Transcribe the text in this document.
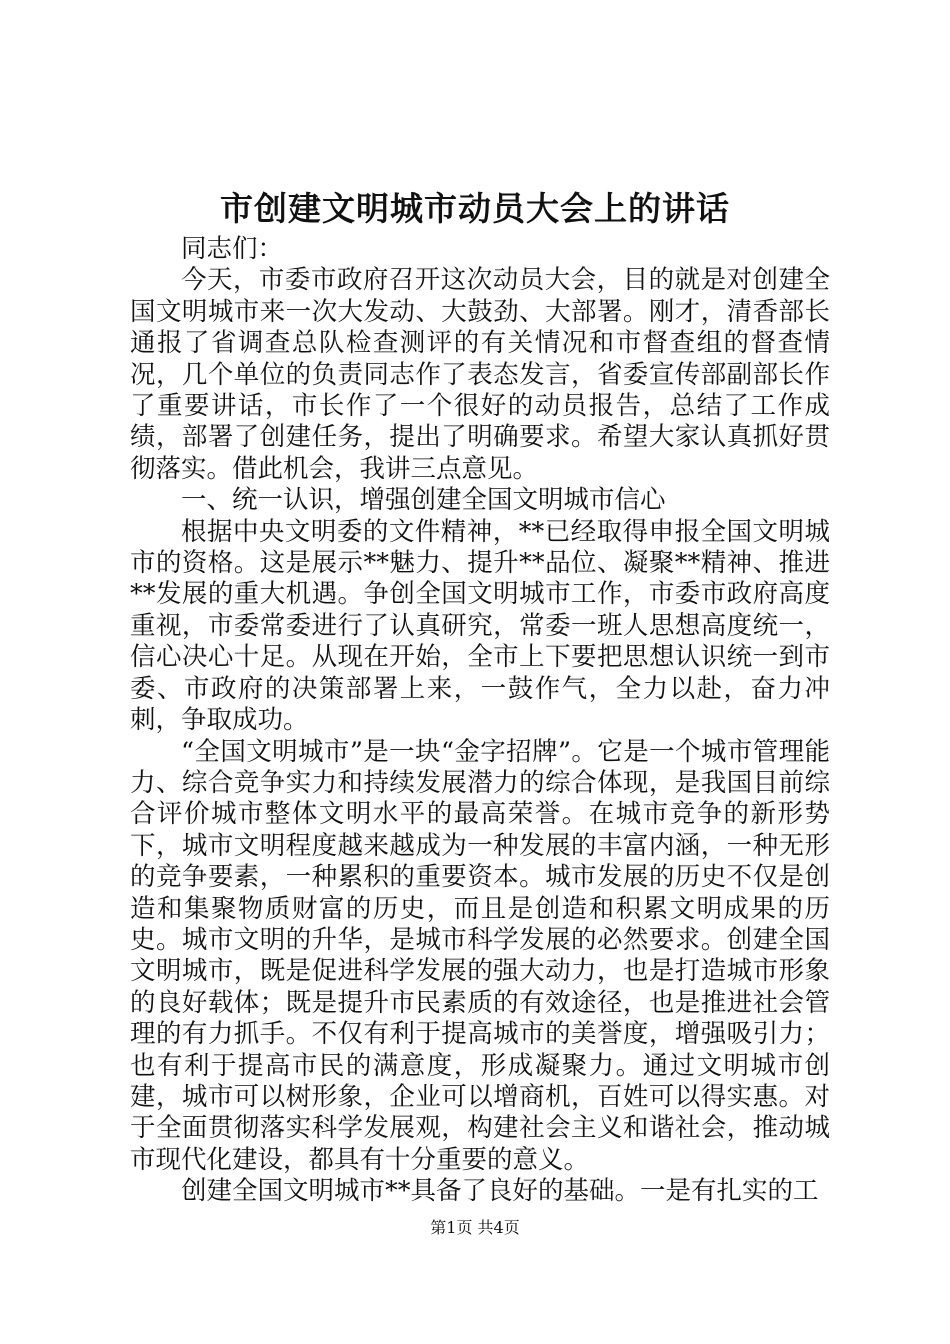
市创建文明城市动员大会上的讲话

同志们：

今天，市委市政府召开这次动员大会，目的就是对创建全国文明城市来一次大发动、大鼓劲、大部署。刚才，清香部长通报了省调查总队检查测评的有关情况和市督查组的督查情况，几个单位的负责同志作了表态发言，省委宣传部副部长作了重要讲话，市长作了一个很好的动员报告，总结了工作成绩，部署了创建任务，提出了明确要求。希望大家认真抓好贯彻落实。借此机会，我讲三点意见。

一、统一认识，增强创建全国文明城市信心

根据中央文明委的文件精神，**已经取得申报全国文明城市的资格。这是展示**魅力、提升**品位、凝聚**精神、推进**发展的重大机遇。争创全国文明城市工作，市委市政府高度重视，市委常委进行了认真研究，常委一班人思想高度统一，信心决心十足。从现在开始，全市上下要把思想认识统一到市委、市政府的决策部署上来，一鼓作气，全力以赴，奋力冲刺，争取成功。

“全国文明城市”是一块“金字招牌”。它是一个城市管理能力、综合竞争实力和持续发展潜力的综合体现，是我国目前综合评价城市整体文明水平的最高荣誉。在城市竞争的新形势下，城市文明程度越来越成为一种发展的丰富内涵，一种无形的竞争要素，一种累积的重要资本。城市发展的历史不仅是创造和集聚物质财富的历史，而且是创造和积累文明成果的历史。城市文明的升华，是城市科学发展的必然要求。创建全国文明城市，既是促进科学发展的强大动力，也是打造城市形象的良好载体；既是提升市民素质的有效途径，也是推进社会管理的有力抓手。不仅有利于提高城市的美誉度，增强吸引力；也有利于提高市民的满意度，形成凝聚力。通过文明城市创建，城市可以树形象，企业可以增商机，百姓可以得实惠。对于全面贯彻落实科学发展观，构建社会主义和谐社会，推动城市现代化建设，都具有十分重要的意义。

创建全国文明城市**具备了良好的基础。一是有扎实的工

第1页 共4页
